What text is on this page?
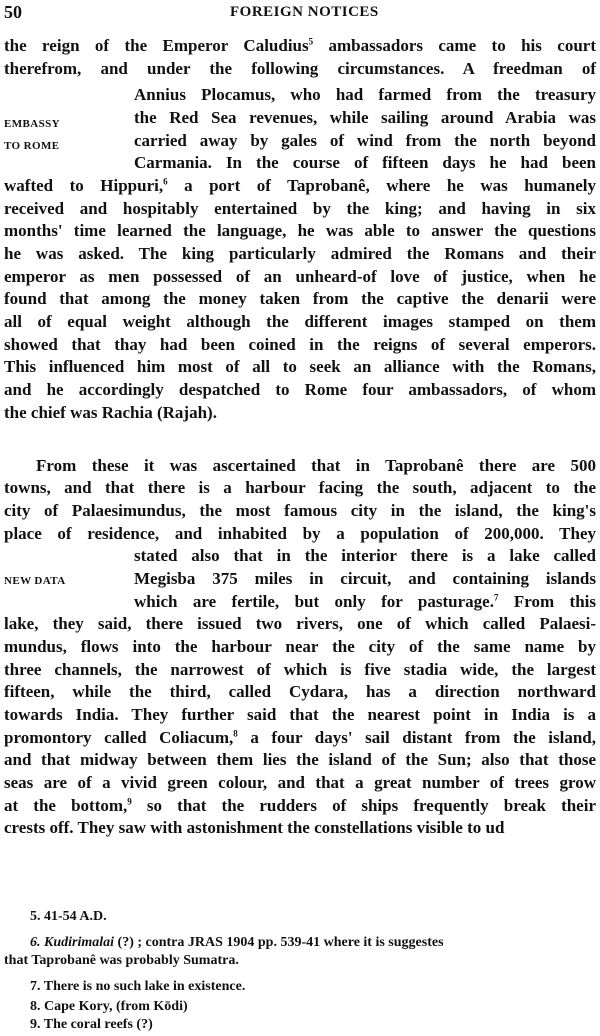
50	FOREIGN NOTICES
the reign of the Emperor Caludius$^5$ ambassadors came to his court
therefrom, and under the following circumstances. A freedman of
Annius Plocamus, who had farmed from the treasury
EMBASSY	the Red Sea revenues, while sailing around Arabia was
TO ROME	carried away by gales of wind from the north beyond
Carmania. In the course of fifteen days he had been
wafted to Hippuri,$^6$ a port of Taprobanê, where he was humanely
received and hospitably entertained by the king; and having in six
months' time learned the language, he was able to answer the questions
he was asked. The king particularly admired the Romans and their
emperor as men possessed of an unheard-of love of justice, when he
found that among the money taken from the captive the denarii were
all of equal weight although the different images stamped on them
showed that thay had been coined in the reigns of several emperors.
This influenced him most of all to seek an alliance with the Romans,
and he accordingly despatched to Rome four ambassadors, of whom
the chief was Rachia (Rajah).
From these it was ascertained that in Taprobanê there are 500
towns, and that there is a harbour facing the south, adjacent to the
city of Palaesimundus, the most famous city in the island, the king's
place of residence, and inhabited by a population of 200,000. They
stated also that in the interior there is a lake called
NEW DATA	Megisba 375 miles in circuit, and containing islands
which are fertile, but only for pasturage.$^7$ From this
lake, they said, there issued two rivers, one of which called Palaesi-
mundus, flows into the harbour near the city of the same name by
three channels, the narrowest of which is five stadia wide, the largest
fifteen, while the third, called Cydara, has a direction northward
towards India. They further said that the nearest point in India is a
promontory called Coliacum,$^8$ a four days' sail distant from the island,
and that midway between them lies the island of the Sun; also that those
seas are of a vivid green colour, and that a great number of trees grow
at the bottom,$^9$ so that the rudders of ships frequently break their
crests off. They saw with astonishment the constellations visible to ud
5. 41-54 A.D.
6. Kudirimalai (?) ; contra JRAS 1904 pp. 539-41 where it is suggestes
that Taprobanê was probably Sumatra.
7. There is no such lake in existence.
8. Cape Kory, (from Kōdi)
9. The coral reefs (?)
